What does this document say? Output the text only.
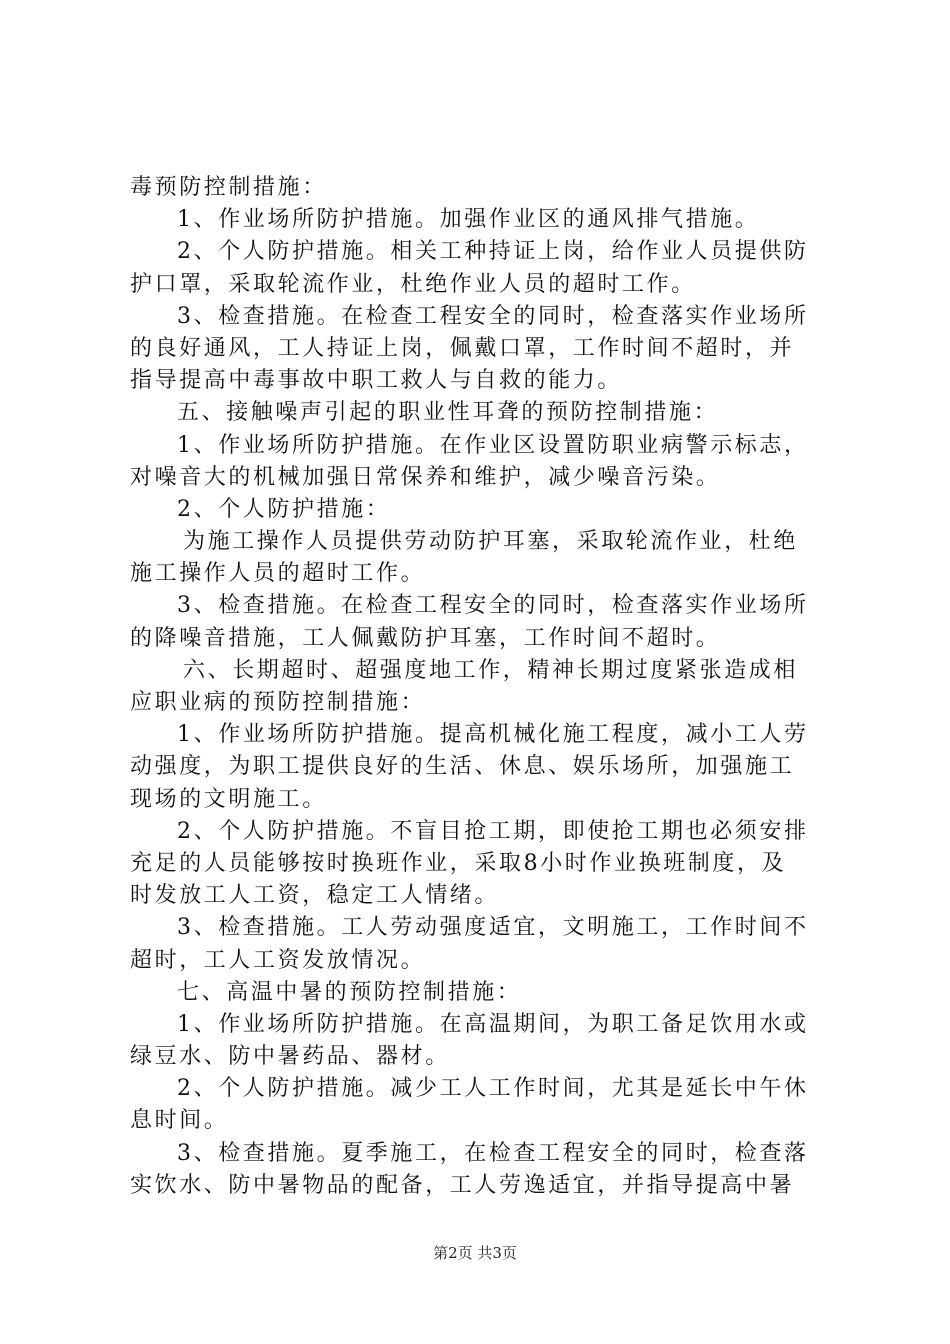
毒预防控制措施：
1、作业场所防护措施。加强作业区的通风排气措施。
2、个人防护措施。相关工种持证上岗，给作业人员提供防
护口罩，采取轮流作业，杜绝作业人员的超时工作。
3、检查措施。在检查工程安全的同时，检查落实作业场所
的良好通风，工人持证上岗，佩戴口罩，工作时间不超时，并
指导提高中毒事故中职工救人与自救的能力。
五、接触噪声引起的职业性耳聋的预防控制措施：
1、作业场所防护措施。在作业区设置防职业病警示标志，
对噪音大的机械加强日常保养和维护，减少噪音污染。
2、个人防护措施：
为施工操作人员提供劳动防护耳塞，采取轮流作业，杜绝
施工操作人员的超时工作。
3、检查措施。在检查工程安全的同时，检查落实作业场所
的降噪音措施，工人佩戴防护耳塞，工作时间不超时。
六、长期超时、超强度地工作，精神长期过度紧张造成相
应职业病的预防控制措施：
1、作业场所防护措施。提高机械化施工程度，减小工人劳
动强度，为职工提供良好的生活、休息、娱乐场所，加强施工
现场的文明施工。
2、个人防护措施。不盲目抢工期，即使抢工期也必须安排
充足的人员能够按时换班作业，采取8小时作业换班制度，及
时发放工人工资，稳定工人情绪。
3、检查措施。工人劳动强度适宜，文明施工，工作时间不
超时，工人工资发放情况。
七、高温中暑的预防控制措施：
1、作业场所防护措施。在高温期间，为职工备足饮用水或
绿豆水、防中暑药品、器材。
2、个人防护措施。减少工人工作时间，尤其是延长中午休
息时间。
3、检查措施。夏季施工，在检查工程安全的同时，检查落
实饮水、防中暑物品的配备，工人劳逸适宜，并指导提高中暑
第2页 共3页
